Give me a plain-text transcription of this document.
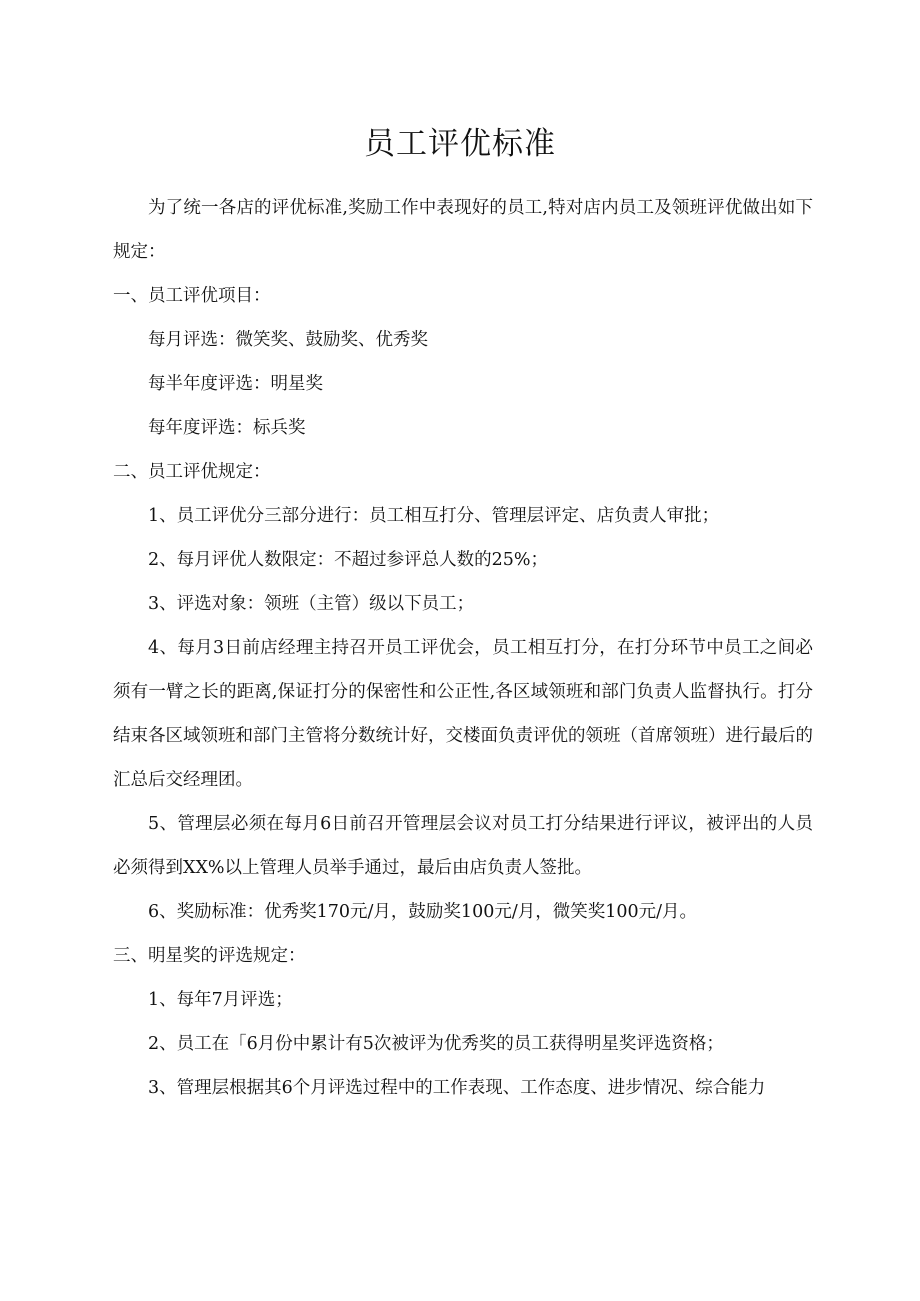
员工评优标准

为了统一各店的评优标准,奖励工作中表现好的员工,特对店内员工及领班评优做出如下规定：

一、员工评优项目：

每月评选：微笑奖、鼓励奖、优秀奖

每半年度评选：明星奖

每年度评选：标兵奖

二、员工评优规定：

1、员工评优分三部分进行：员工相互打分、管理层评定、店负责人审批；

2、每月评优人数限定：不超过参评总人数的25%；

3、评选对象：领班（主管）级以下员工；

4、每月3日前店经理主持召开员工评优会，员工相互打分，在打分环节中员工之间必须有一臂之长的距离,保证打分的保密性和公正性,各区域领班和部门负责人监督执行。打分结束各区域领班和部门主管将分数统计好，交楼面负责评优的领班（首席领班）进行最后的汇总后交经理团。

5、管理层必须在每月6日前召开管理层会议对员工打分结果进行评议，被评出的人员必须得到XX%以上管理人员举手通过，最后由店负责人签批。

6、奖励标准：优秀奖170元/月，鼓励奖100元/月，微笑奖100元/月。

三、明星奖的评选规定：

1、每年7月评选；

2、员工在「6月份中累计有5次被评为优秀奖的员工获得明星奖评选资格；

3、管理层根据其6个月评选过程中的工作表现、工作态度、进步情况、综合能力
